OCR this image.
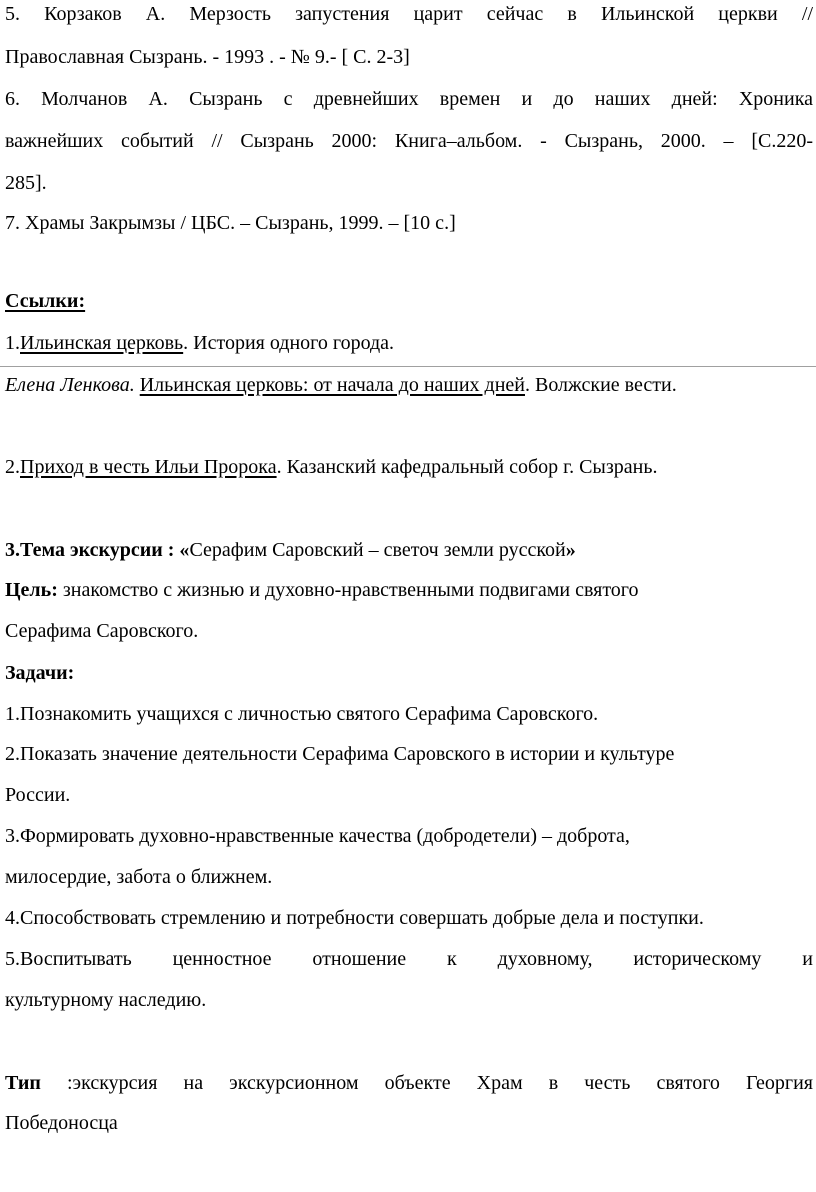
5. Корзаков А. Мерзость запустения царит сейчас в Ильинской церкви //
Православная Сызрань. - 1993 . - № 9.- [ С. 2-3]
6. Молчанов А. Сызрань с древнейших времен и до наших дней: Хроника
важнейших событий // Сызрань 2000: Книга–альбом. - Сызрань, 2000. – [С.220-
285].
7. Храмы Закрымзы / ЦБС. – Сызрань, 1999. – [10 с.]
Ссылки:
1.Ильинская церковь. История одного города.
Елена Ленкова. Ильинская церковь: от начала до наших дней. Волжские вести.
2.Приход в честь Ильи Пророка. Казанский кафедральный собор г. Сызрань.
3.Тема экскурсии : «Серафим Саровский – светоч земли русской»
Цель: знакомство с жизнью и духовно-нравственными подвигами святого
Серафима Саровского.
Задачи:
1.Познакомить учащихся с личностью святого Серафима Саровского.
2.Показать значение деятельности Серафима Саровского в истории и культуре
России.
3.Формировать духовно-нравственные качества (добродетели) – доброта,
милосердие, забота о ближнем.
4.Способствовать стремлению и потребности совершать добрые дела и поступки.
5.Воспитывать ценностное отношение к духовному, историческому и
культурному наследию.
Тип :экскурсия на экскурсионном объекте Храм в честь святого Георгия
Победоносца
